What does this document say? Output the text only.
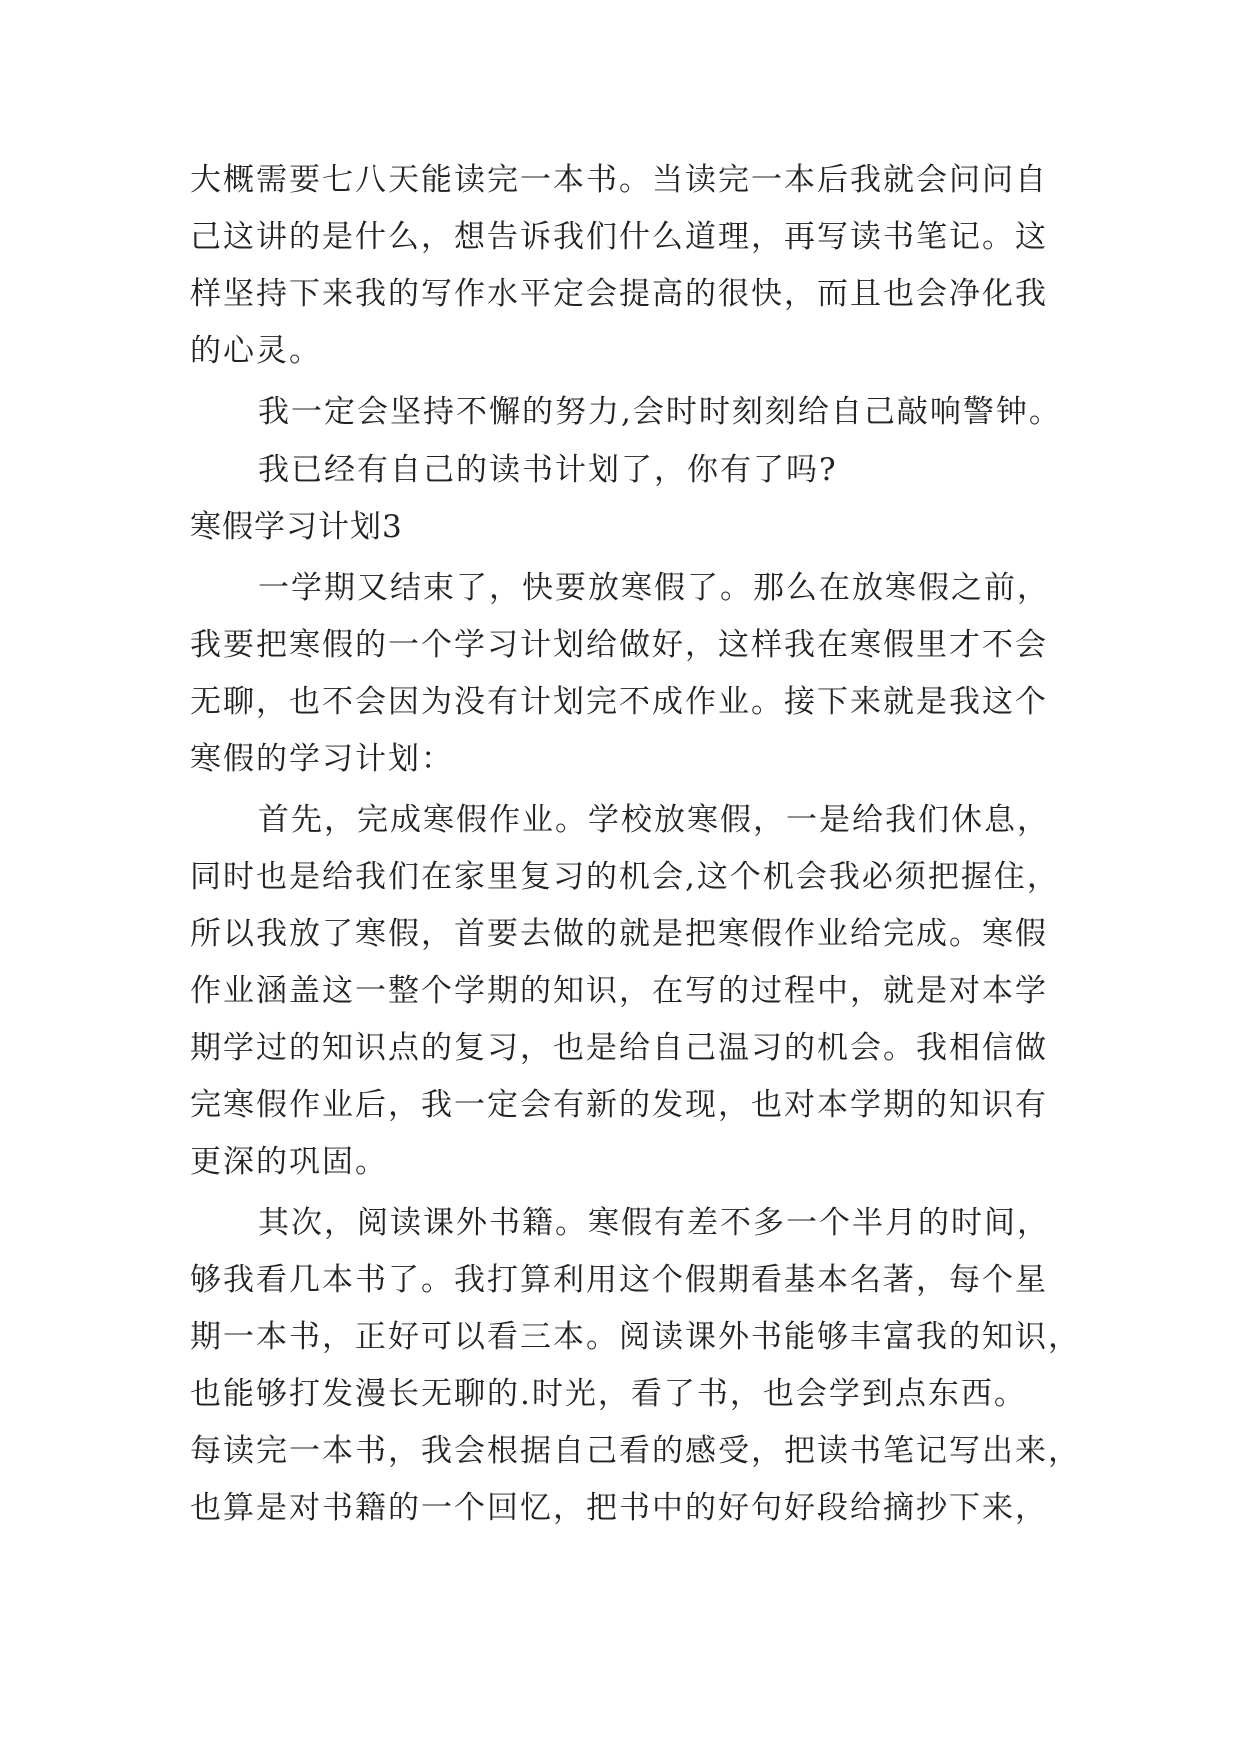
大概需要七八天能读完一本书。当读完一本后我就会问问自
己这讲的是什么，想告诉我们什么道理，再写读书笔记。这
样坚持下来我的写作水平定会提高的很快，而且也会净化我
的心灵。
我一定会坚持不懈的努力,会时时刻刻给自己敲响警钟。
我已经有自己的读书计划了，你有了吗?
寒假学习计划3
一学期又结束了，快要放寒假了。那么在放寒假之前，
我要把寒假的一个学习计划给做好，这样我在寒假里才不会
无聊，也不会因为没有计划完不成作业。接下来就是我这个
寒假的学习计划：
首先，完成寒假作业。学校放寒假，一是给我们休息，
同时也是给我们在家里复习的机会,这个机会我必须把握住，
所以我放了寒假，首要去做的就是把寒假作业给完成。寒假
作业涵盖这一整个学期的知识，在写的过程中，就是对本学
期学过的知识点的复习，也是给自己温习的机会。我相信做
完寒假作业后，我一定会有新的发现，也对本学期的知识有
更深的巩固。
其次，阅读课外书籍。寒假有差不多一个半月的时间，
够我看几本书了。我打算利用这个假期看基本名著，每个星
期一本书，正好可以看三本。阅读课外书能够丰富我的知识，
也能够打发漫长无聊的.时光，看了书，也会学到点东西。
每读完一本书，我会根据自己看的感受，把读书笔记写出来，
也算是对书籍的一个回忆，把书中的好句好段给摘抄下来，
